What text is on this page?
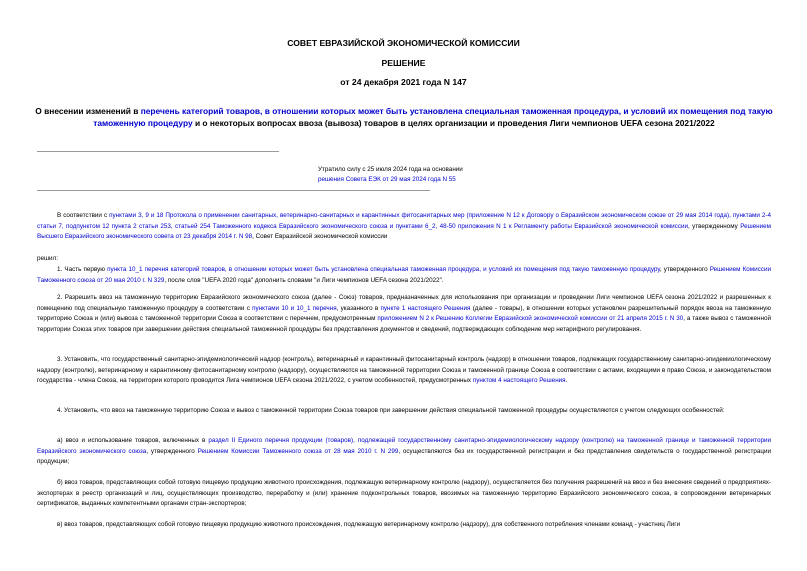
СОВЕТ ЕВРАЗИЙСКОЙ ЭКОНОМИЧЕСКОЙ КОМИССИИ
РЕШЕНИЕ
от 24 декабря 2021 года N 147
О внесении изменений в перечень категорий товаров, в отношении которых может быть установлена специальная таможенная процедура, и условий их помещения под такую таможенную процедуру и о некоторых вопросах ввоза (вывоза) товаров в целях организации и проведения Лиги чемпионов UEFA сезона 2021/2022
Утратило силу с 25 июля 2024 года на основании
решения Совета ЕЭК от 29 мая 2024 года N 55
В соответствии с пунктами 3, 9 и 18 Протокола о применении санитарных, ветеринарно-санитарных и карантинных фитосанитарных мер (приложение N 12 к Договору о Евразийском экономическом союзе от 29 мая 2014 года), пунктами 2-4 статьи 7, подпунктом 12 пункта 2 статьи 253, статьей 254 Таможенного кодекса Евразийского экономического союза и пунктами 6_2, 48-50 приложения N 1 к Регламенту работы Евразийской экономической комиссии, утвержденному Решением Высшего Евразийского экономического совета от 23 декабря 2014 г. N 98, Совет Евразийской экономической комиссии
решил:
1. Часть первую пункта 10_1 перечня категорий товаров, в отношении которых может быть установлена специальная таможенная процедура, и условий их помещения под такую таможенную процедуру, утвержденного Решением Комиссии Таможенного союза от 20 мая 2010 г. N 329, после слов "UEFA 2020 года" дополнить словами "и Лиги чемпионов UEFA сезона 2021/2022".
2. Разрешить ввоз на таможенную территорию Евразийского экономического союза (далее - Союз) товаров, предназначенных для использования при организации и проведении Лиги чемпионов UEFA сезона 2021/2022 и разрешенных к помещению под специальную таможенную процедуру в соответствии с пунктами 10 и 10_1 перечня, указанного в пункте 1 настоящего Решения (далее - товары), в отношении которых установлен разрешительный порядок ввоза на таможенную территорию Союза и (или) вывоза с таможенной территории Союза в соответствии с перечнем, предусмотренным приложением N 2 к Решению Коллегии Евразийской экономической комиссии от 21 апреля 2015 г. N 30, а также вывоз с таможенной территории Союза этих товаров при завершении действия специальной таможенной процедуры без представления документов и сведений, подтверждающих соблюдение мер нетарифного регулирования.
3. Установить, что государственный санитарно-эпидемиологический надзор (контроль), ветеринарный и карантинный фитосанитарный контроль (надзор) в отношении товаров, подлежащих государственному санитарно-эпидемиологическому надзору (контролю), ветеринарному и карантинному фитосанитарному контролю (надзору), осуществляются на таможенной территории Союза и таможенной границе Союза в соответствии с актами, входящими в право Союза, и законодательством государства - члена Союза, на территории которого проводится Лига чемпионов UEFA сезона 2021/2022, с учетом особенностей, предусмотренных пунктом 4 настоящего Решения.
4. Установить, что ввоз на таможенную территорию Союза и вывоз с таможенной территории Союза товаров при завершении действия специальной таможенной процедуры осуществляются с учетом следующих особенностей:
а) ввоз и использование товаров, включенных в раздел II Единого перечня продукции (товаров), подлежащей государственному санитарно-эпидемиологическому надзору (контролю) на таможенной границе и таможенной территории Евразийского экономического союза, утвержденного Решением Комиссии Таможенного союза от 28 мая 2010 г. N 299, осуществляются без их государственной регистрации и без представления свидетельств о государственной регистрации продукции;
б) ввоз товаров, представляющих собой готовую пищевую продукцию животного происхождения, подлежащую ветеринарному контролю (надзору), осуществляется без получения разрешений на ввоз и без внесения сведений о предприятиях-экспортерах в реестр организаций и лиц, осуществляющих производство, переработку и (или) хранение подконтрольных товаров, ввозимых на таможенную территорию Евразийского экономического союза, в сопровождении ветеринарных сертификатов, выданных компетентными органами стран-экспортеров;
в) ввоз товаров, представляющих собой готовую пищевую продукцию животного происхождения, подлежащую ветеринарному контролю (надзору), для собственного потребления членами команд - участниц Лиги
